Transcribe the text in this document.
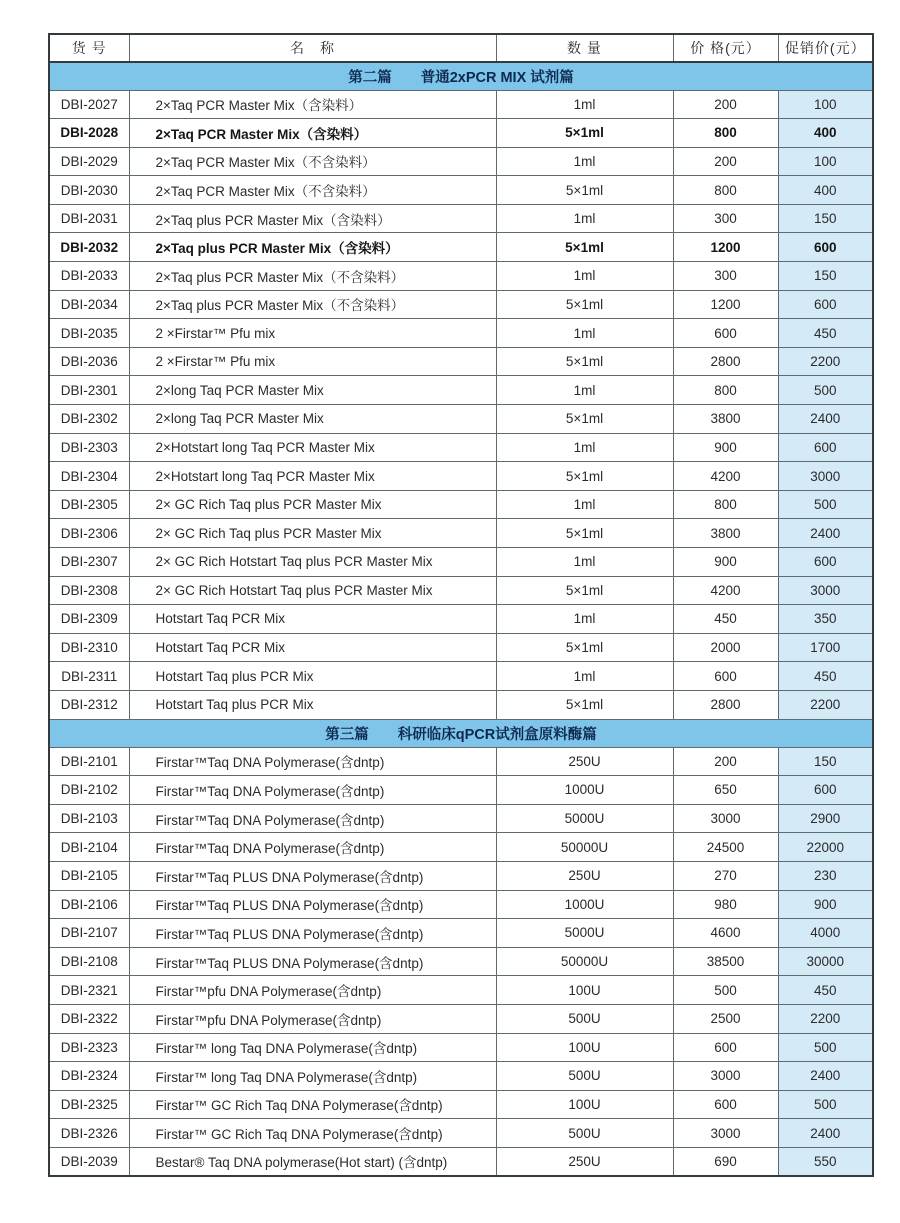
货 号	名　称	数 量	价 格(元）	促销价(元）
第二篇　　普通2xPCR MIX 试剂篇				
DBI-2027	2×Taq PCR Master Mix（含染料）	1ml	200	100
DBI-2028	2×Taq PCR Master Mix（含染料）	5×1ml	800	400
DBI-2029	2×Taq PCR Master Mix（不含染料）	1ml	200	100
DBI-2030	2×Taq PCR Master Mix（不含染料）	5×1ml	800	400
DBI-2031	2×Taq plus PCR Master Mix（含染料）	1ml	300	150
DBI-2032	2×Taq plus PCR Master Mix（含染料）	5×1ml	1200	600
DBI-2033	2×Taq plus PCR Master Mix（不含染料）	1ml	300	150
DBI-2034	2×Taq plus PCR Master Mix（不含染料）	5×1ml	1200	600
DBI-2035	2 ×Firstar™ Pfu mix	1ml	600	450
DBI-2036	2 ×Firstar™ Pfu mix	5×1ml	2800	2200
DBI-2301	2×long Taq PCR Master Mix	1ml	800	500
DBI-2302	2×long Taq PCR Master Mix	5×1ml	3800	2400
DBI-2303	2×Hotstart long Taq PCR Master Mix	1ml	900	600
DBI-2304	2×Hotstart long Taq PCR Master Mix	5×1ml	4200	3000
DBI-2305	2× GC Rich Taq plus PCR Master Mix	1ml	800	500
DBI-2306	2× GC Rich Taq plus PCR Master Mix	5×1ml	3800	2400
DBI-2307	2× GC Rich Hotstart Taq plus PCR Master Mix	1ml	900	600
DBI-2308	2× GC Rich Hotstart Taq plus PCR Master Mix	5×1ml	4200	3000
DBI-2309	Hotstart Taq PCR Mix	1ml	450	350
DBI-2310	Hotstart Taq PCR Mix	5×1ml	2000	1700
DBI-2311	Hotstart Taq plus PCR Mix	1ml	600	450
DBI-2312	Hotstart Taq plus PCR Mix	5×1ml	2800	2200
第三篇　　科研临床qPCR试剂盒原料酶篇				
DBI-2101	Firstar™Taq DNA Polymerase(含dntp)	250U	200	150
DBI-2102	Firstar™Taq DNA Polymerase(含dntp)	1000U	650	600
DBI-2103	Firstar™Taq DNA Polymerase(含dntp)	5000U	3000	2900
DBI-2104	Firstar™Taq DNA Polymerase(含dntp)	50000U	24500	22000
DBI-2105	Firstar™Taq PLUS DNA Polymerase(含dntp)	250U	270	230
DBI-2106	Firstar™Taq PLUS DNA Polymerase(含dntp)	1000U	980	900
DBI-2107	Firstar™Taq PLUS DNA Polymerase(含dntp)	5000U	4600	4000
DBI-2108	Firstar™Taq PLUS DNA Polymerase(含dntp)	50000U	38500	30000
DBI-2321	Firstar™pfu DNA Polymerase(含dntp)	100U	500	450
DBI-2322	Firstar™pfu DNA Polymerase(含dntp)	500U	2500	2200
DBI-2323	Firstar™ long Taq DNA Polymerase(含dntp)	100U	600	500
DBI-2324	Firstar™ long Taq DNA Polymerase(含dntp)	500U	3000	2400
DBI-2325	Firstar™ GC Rich Taq DNA Polymerase(含dntp)	100U	600	500
DBI-2326	Firstar™ GC Rich Taq DNA Polymerase(含dntp)	500U	3000	2400
DBI-2039	Bestar® Taq DNA polymerase(Hot start) (含dntp)	250U	690	550
